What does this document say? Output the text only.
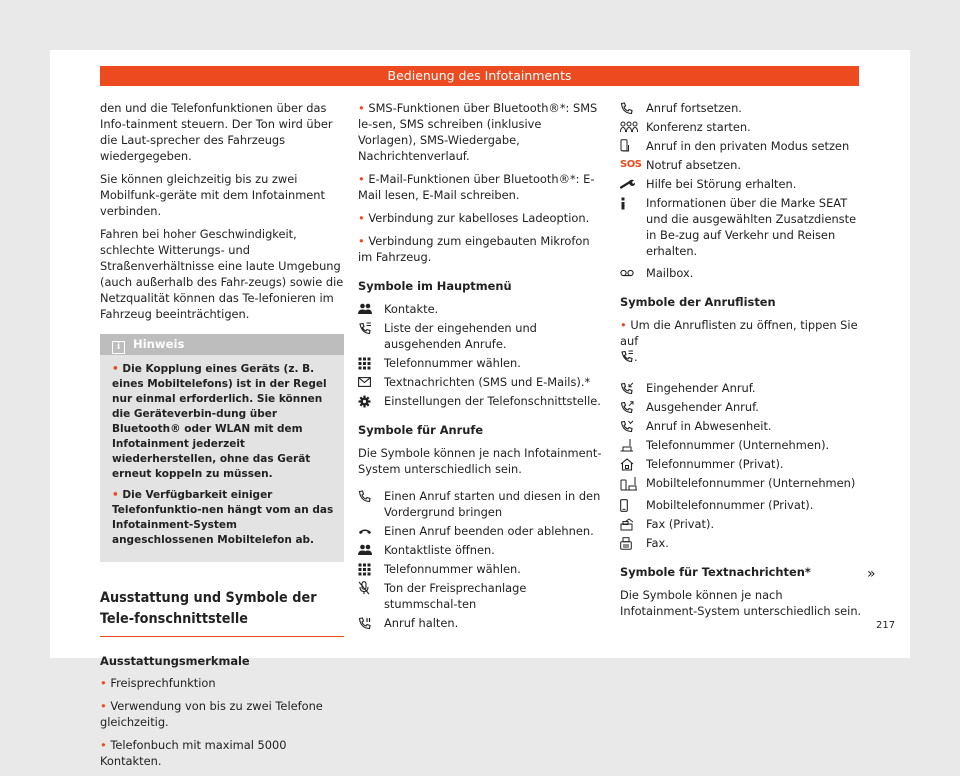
Bedienung des Infotainments

den und die Telefonfunktionen über das Info-tainment steuern. Der Ton wird über die Laut-sprecher des Fahrzeugs wiedergegeben.

Sie können gleichzeitig bis zu zwei Mobilfunk-geräte mit dem Infotainment verbinden.

Fahren bei hoher Geschwindigkeit, schlechte Witterungs- und Straßenverhältnisse eine laute Umgebung (auch außerhalb des Fahr-zeugs) sowie die Netzqualität können das Te-lefonieren im Fahrzeug beeinträchtigen.

i Hinweis
• Die Kopplung eines Geräts (z. B. eines Mobiltelefons) ist in der Regel nur einmal erforderlich. Sie können die Geräteverbin-dung über Bluetooth® oder WLAN mit dem Infotainment jederzeit wiederherstellen, ohne das Gerät erneut koppeln zu müssen.
• Die Verfügbarkeit einiger Telefonfunktio-nen hängt vom an das Infotainment-System angeschlossenen Mobiltelefon ab.
Ausstattung und Symbole der Tele-fonschnittstelle
Ausstattungsmerkmale
• Freisprechfunktion
• Verwendung von bis zu zwei Telefone gleichzeitig.
• Telefonbuch mit maximal 5000 Kontakten.
• SMS-Funktionen über Bluetooth®*: SMS le-sen, SMS schreiben (inklusive Vorlagen), SMS-Wiedergabe, Nachrichtenverlauf.
• E-Mail-Funktionen über Bluetooth®*: E-Mail lesen, E-Mail schreiben.
• Verbindung zur kabelloses Ladeoption.
• Verbindung zum eingebauten Mikrofon im Fahrzeug.
Symbole im Hauptmenü
Kontakte.
Liste der eingehenden und ausgehenden Anrufe.
Telefonnummer wählen.
Textnachrichten (SMS und E-Mails).*
Einstellungen der Telefonschnittstelle.
Symbole für Anrufe

Die Symbole können je nach Infotainment-System unterschiedlich sein.

Einen Anruf starten und diesen in den Vordergrund bringen
Einen Anruf beenden oder ablehnen.
Kontaktliste öffnen.
Telefonnummer wählen.
Ton der Freisprechanlage stummschal-ten
Anruf halten.
Anruf fortsetzen.
Konferenz starten.
Anruf in den privaten Modus setzen
SOS Notruf absetzen.
Hilfe bei Störung erhalten.
Informationen über die Marke SEAT und die ausgewählten Zusatzdienste in Be-zug auf Verkehr und Reisen erhalten.
Mailbox.
Symbole der Anruflisten
• Um die Anruflisten zu öffnen, tippen Sie auf
.
Eingehender Anruf.
Ausgehender Anruf.
Anruf in Abwesenheit.
Telefonnummer (Unternehmen).
Telefonnummer (Privat).
Mobiltelefonnummer (Unternehmen)
Mobiltelefonnummer (Privat).
Fax (Privat).
Fax.
Symbole für Textnachrichten*

Die Symbole können je nach Infotainment-System unterschiedlich sein.

»
217
